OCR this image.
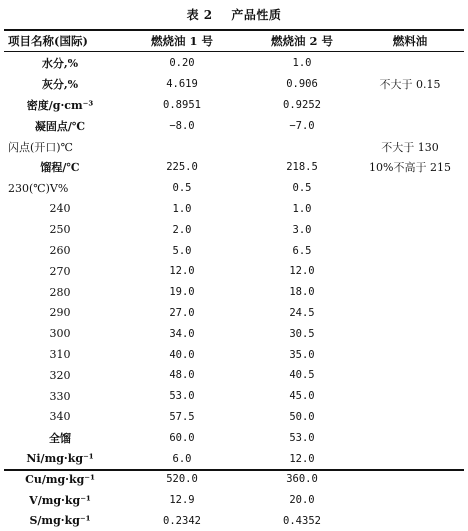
表 2 产品性质
项目名称(国际)	燃烧油 1 号	燃烧油 2 号	燃料油
水分,%	0.20	1.0	
灰分,%	4.619	0.906	不大于 0.15
密度/g·cm⁻³	0.8951	0.9252	
凝固点/℃	−8.0	−7.0	
闪点(开口)℃			不大于 130
馏程/℃	225.0	218.5	10%不高于 215
230(℃)V%	0.5	0.5	
240	1.0	1.0	
250	2.0	3.0	
260	5.0	6.5	
270	12.0	12.0	
280	19.0	18.0	
290	27.0	24.5	
300	34.0	30.5	
310	40.0	35.0	
320	48.0	40.5	
330	53.0	45.0	
340	57.5	50.0	
全馏	60.0	53.0	
Ni/mg·kg⁻¹	6.0	12.0	
Cu/mg·kg⁻¹	520.0	360.0	
V/mg·kg⁻¹	12.9	20.0	
S/mg·kg⁻¹	0.2342	0.4352	
